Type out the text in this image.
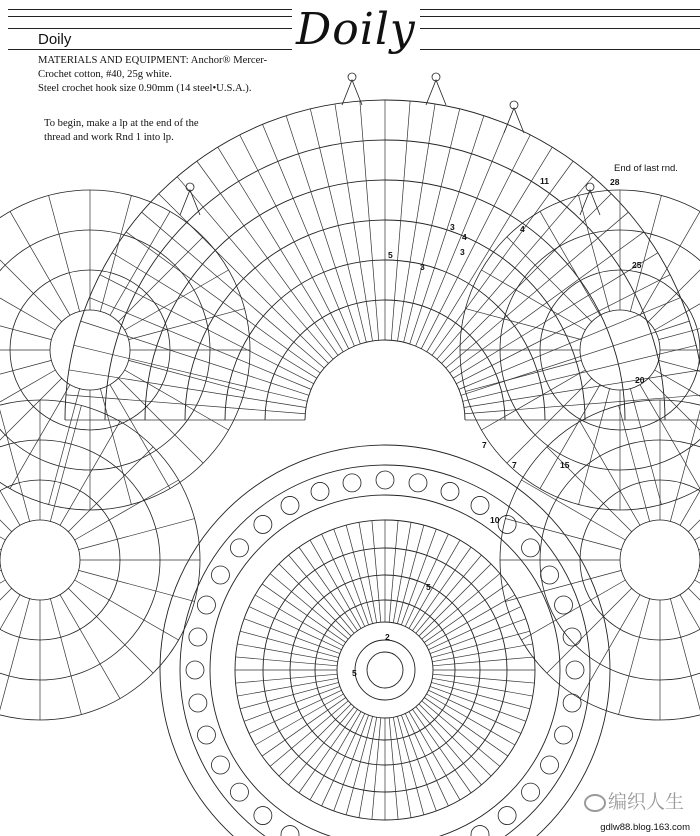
2
5
5
10
7
7	15
20
25
28
11
3
3
5
4
4
3
Doily	Doily
MATERIALS AND EQUIPMENT: Anchor® Mercer-
Crochet cotton, #40, 25g white.
Steel crochet hook size 0.90mm (14 steel•U.S.A.).
To begin, make a lp at the end of the
thread and work Rnd 1 into lp.
End of last rnd.
编织人生
gdlw88.blog.163.com
